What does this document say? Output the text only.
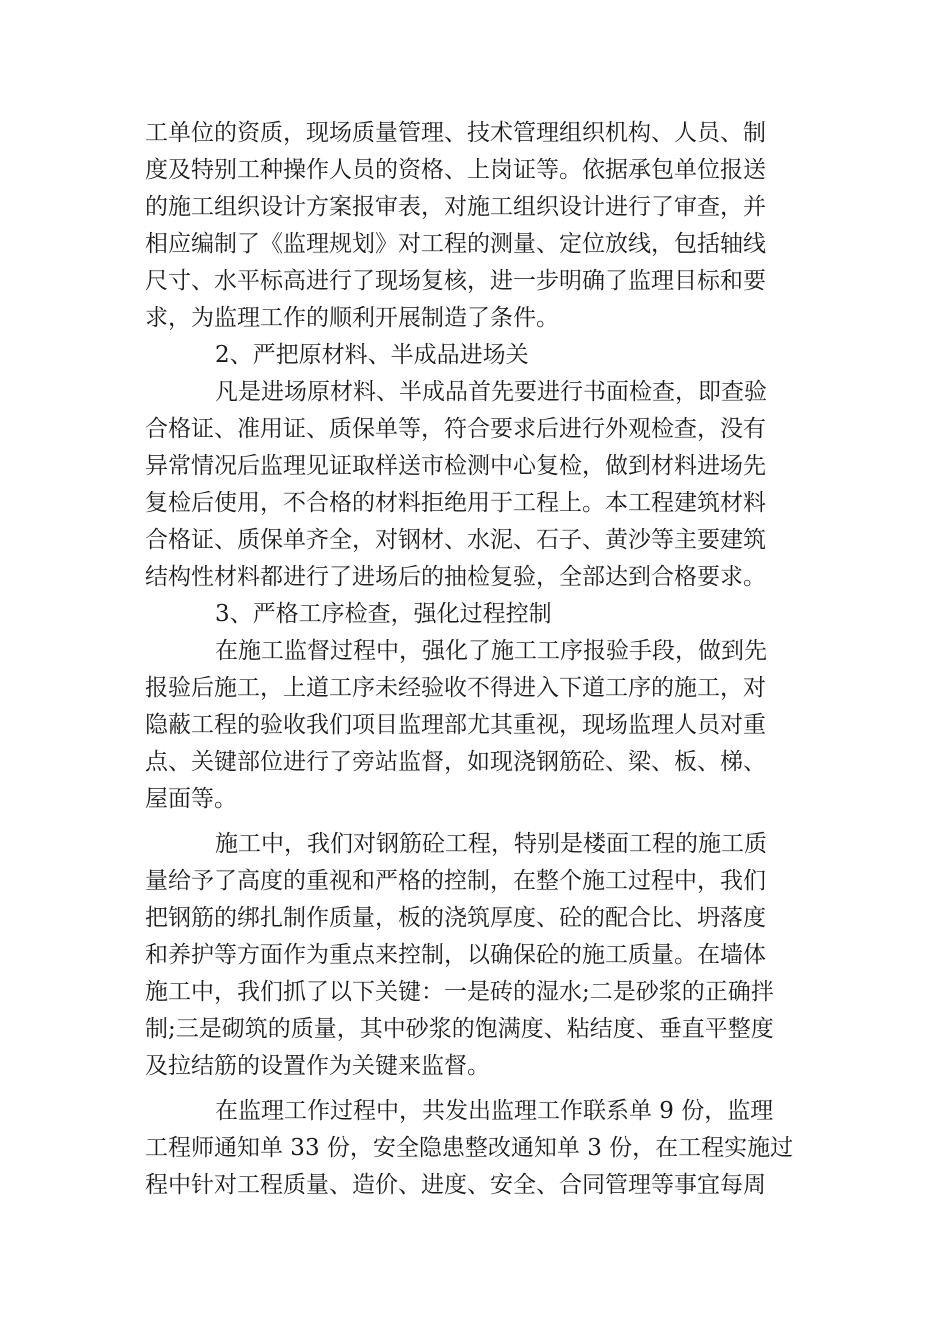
工单位的资质，现场质量管理、技术管理组织机构、人员、制
度及特别工种操作人员的资格、上岗证等。依据承包单位报送
的施工组织设计方案报审表，对施工组织设计进行了审查，并
相应编制了《监理规划》对工程的测量、定位放线，包括轴线
尺寸、水平标高进行了现场复核，进一步明确了监理目标和要
求，为监理工作的顺利开展制造了条件。
2、严把原材料、半成品进场关
凡是进场原材料、半成品首先要进行书面检查，即查验
合格证、准用证、质保单等，符合要求后进行外观检查，没有
异常情况后监理见证取样送市检测中心复检，做到材料进场先
复检后使用，不合格的材料拒绝用于工程上。本工程建筑材料
合格证、质保单齐全，对钢材、水泥、石子、黄沙等主要建筑
结构性材料都进行了进场后的抽检复验，全部达到合格要求。
3、严格工序检查，强化过程控制
在施工监督过程中，强化了施工工序报验手段，做到先
报验后施工，上道工序未经验收不得进入下道工序的施工，对
隐蔽工程的验收我们项目监理部尤其重视，现场监理人员对重
点、关键部位进行了旁站监督，如现浇钢筋砼、梁、板、梯、
屋面等。
施工中，我们对钢筋砼工程，特别是楼面工程的施工质
量给予了高度的重视和严格的控制，在整个施工过程中，我们
把钢筋的绑扎制作质量，板的浇筑厚度、砼的配合比、坍落度
和养护等方面作为重点来控制，以确保砼的施工质量。在墙体
施工中，我们抓了以下关键：一是砖的湿水;二是砂浆的正确拌
制;三是砌筑的质量，其中砂浆的饱满度、粘结度、垂直平整度
及拉结筋的设置作为关键来监督。
在监理工作过程中，共发出监理工作联系单 9 份，监理
工程师通知单 33 份，安全隐患整改通知单 3 份，在工程实施过
程中针对工程质量、造价、进度、安全、合同管理等事宜每周
